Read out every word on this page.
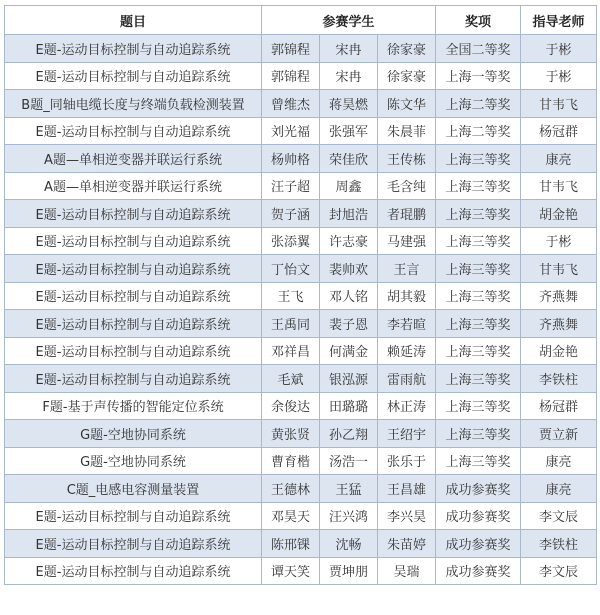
题目	参赛学生			奖项	指导老师
E题-运动目标控制与自动追踪系统	郭锦程	宋冉	徐家豪	全国二等奖	于彬
E题-运动目标控制与自动追踪系统	郭锦程	宋冉	徐家豪	上海一等奖	于彬
B题_同轴电缆长度与终端负载检测装置	曾维杰	蒋昊燃	陈文华	上海二等奖	甘韦飞
E题-运动目标控制与自动追踪系统	刘光福	张强军	朱晨菲	上海二等奖	杨冠群
A题—单相逆变器并联运行系统	杨帅格	荣佳欣	王传栋	上海三等奖	康亮
A题—单相逆变器并联运行系统	汪子超	周鑫	毛含纯	上海三等奖	甘韦飞
E题-运动目标控制与自动追踪系统	贺子涵	封旭浩	者琨鹏	上海三等奖	胡金艳
E题-运动目标控制与自动追踪系统	张添翼	许志豪	马建强	上海三等奖	于彬
E题-运动目标控制与自动追踪系统	丁怡文	裴帅欢	王言	上海三等奖	甘韦飞
E题-运动目标控制与自动追踪系统	王飞	邓人铭	胡其毅	上海三等奖	齐燕舞
E题-运动目标控制与自动追踪系统	王禹同	裴子恩	李若暄	上海三等奖	齐燕舞
E题-运动目标控制与自动追踪系统	邓祥昌	何满金	赖延涛	上海三等奖	胡金艳
E题-运动目标控制与自动追踪系统	毛斌	银泓源	雷雨航	上海三等奖	李铁柱
F题-基于声传播的智能定位系统	余俊达	田璐璐	林正涛	上海三等奖	杨冠群
G题-空地协同系统	黄张贤	孙乙翔	王绍宇	上海三等奖	贾立新
G题-空地协同系统	曹育楷	汤浩一	张乐于	上海三等奖	康亮
C题_电感电容测量装置	王德林	王猛	王昌雄	成功参赛奖	康亮
E题-运动目标控制与自动追踪系统	邓昊天	汪兴鸿	李兴昊	成功参赛奖	李文辰
E题-运动目标控制与自动追踪系统	陈邢锞	沈畅	朱苗婷	成功参赛奖	李铁柱
E题-运动目标控制与自动追踪系统	谭天笑	贾坤朋	吴瑞	成功参赛奖	李文辰
